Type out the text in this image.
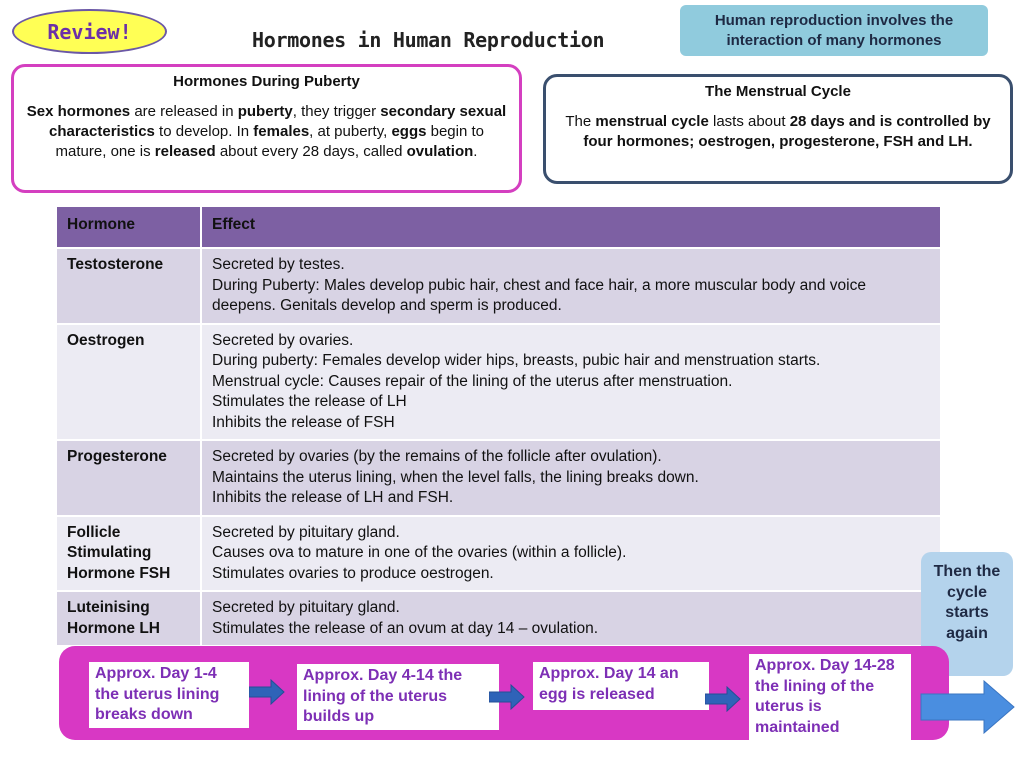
Review!	Hormones in Human Reproduction
Human reproduction involves the interaction of many hormones
Hormones During Puberty
Sex hormones are released in puberty, they trigger secondary sexual characteristics to develop. In females, at puberty, eggs begin to mature, one is released about every 28 days, called ovulation.
The Menstrual Cycle
The menstrual cycle lasts about 28 days and is controlled by four hormones; oestrogen, progesterone, FSH and LH.
Hormone	Effect
Testosterone	Secreted by testes.
During Puberty: Males develop pubic hair, chest and face hair, a more muscular body and voice deepens. Genitals develop and sperm is produced.

Oestrogen	Secreted by ovaries.
During puberty: Females develop wider hips, breasts, pubic hair and menstruation starts.
Menstrual cycle: Causes repair of the lining of the uterus after menstruation.
Stimulates the release of LH
Inhibits the release of FSH

Progesterone	Secreted by ovaries (by the remains of the follicle after ovulation).
Maintains the uterus lining, when the level falls, the lining breaks down.
Inhibits the release of LH and FSH.

Follicle Stimulating Hormone FSH	Secreted by pituitary gland.
Causes ova to mature in one of the ovaries (within a follicle).
Stimulates ovaries to produce oestrogen.

Luteinising Hormone LH	Secreted by pituitary gland.
Stimulates the release of an ovum at day 14 – ovulation.
Then the cycle starts again
Approx. Day 1-4 the uterus lining breaks down
Approx. Day 4-14 the lining of the uterus builds up
Approx. Day 14 an egg is released
Approx. Day 14-28 the lining of the uterus is maintained
